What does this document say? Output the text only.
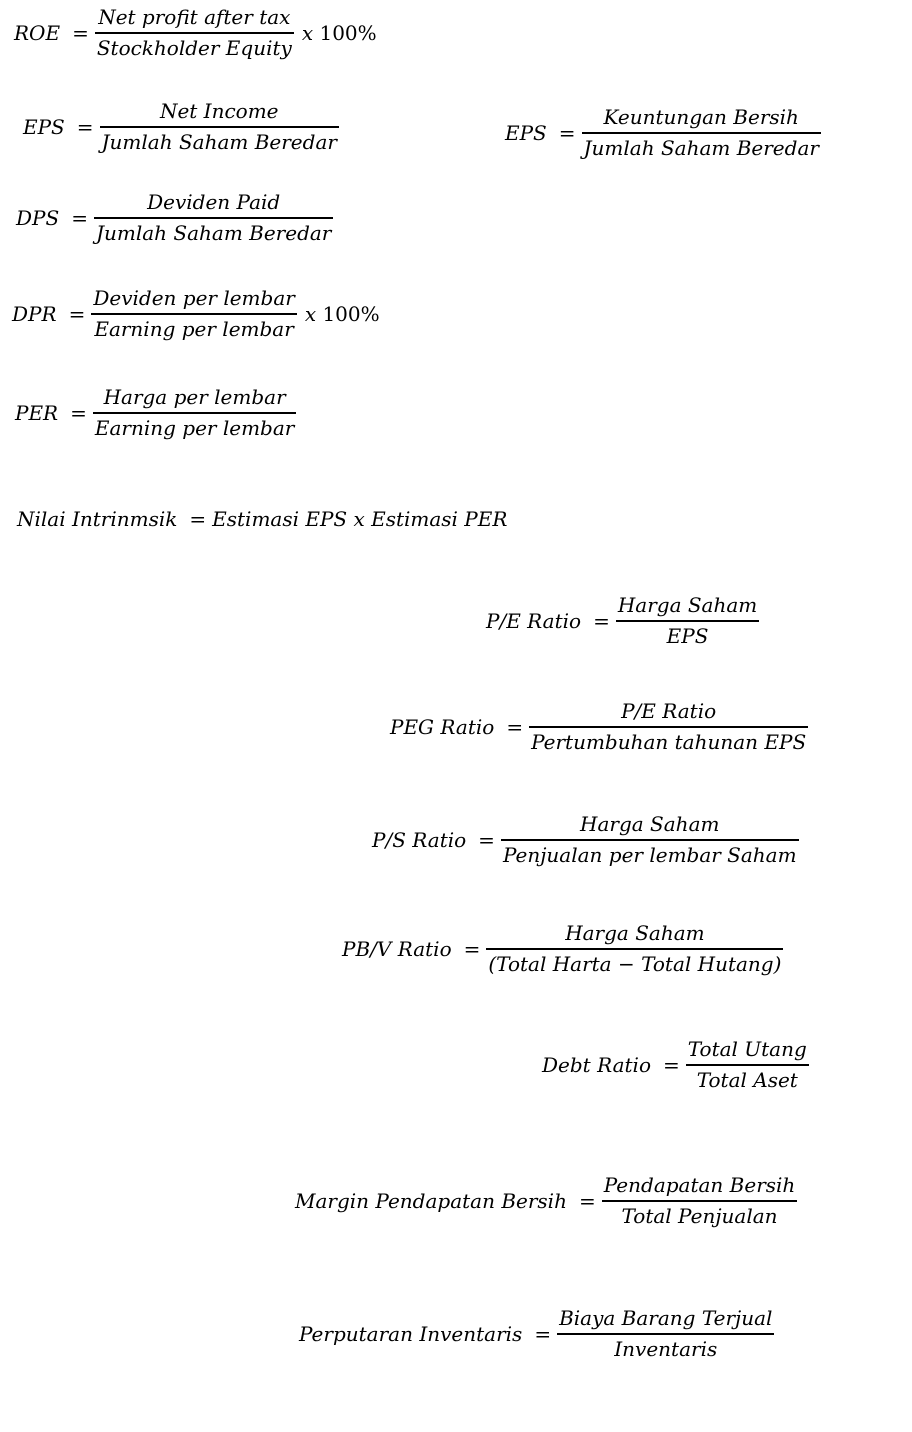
ROE = $\frac{\text{Net profit after tax}}{\text{Stockholder Equity}}$ x 100%
EPS = $\frac{\text{Net Income}}{\text{Jumlah Saham Beredar}}$	EPS = $\frac{\text{Keuntungan Bersih}}{\text{Jumlah Saham Beredar}}$
DPS = $\frac{\text{Deviden Paid}}{\text{Jumlah Saham Beredar}}$
DPR = $\frac{\text{Deviden per lembar}}{\text{Earning per lembar}}$ x 100%
PER = $\frac{\text{Harga per lembar}}{\text{Earning per lembar}}$
Nilai Intrinmsik = Estimasi EPS x Estimasi PER
P/E Ratio = $\frac{\text{Harga Saham}}{\text{EPS}}$
PEG Ratio = $\frac{\text{P/E Ratio}}{\text{Pertumbuhan tahunan EPS}}$
P/S Ratio = $\frac{\text{Harga Saham}}{\text{Penjualan per lembar Saham}}$
PB/V Ratio = $\frac{\text{Harga Saham}}{\text{(Total Harta − Total Hutang)}}$
Debt Ratio = $\frac{\text{Total Utang}}{\text{Total Aset}}$
Margin Pendapatan Bersih = $\frac{\text{Pendapatan Bersih}}{\text{Total Penjualan}}$
Perputaran Inventaris = $\frac{\text{Biaya Barang Terjual}}{\text{Inventaris}}$
